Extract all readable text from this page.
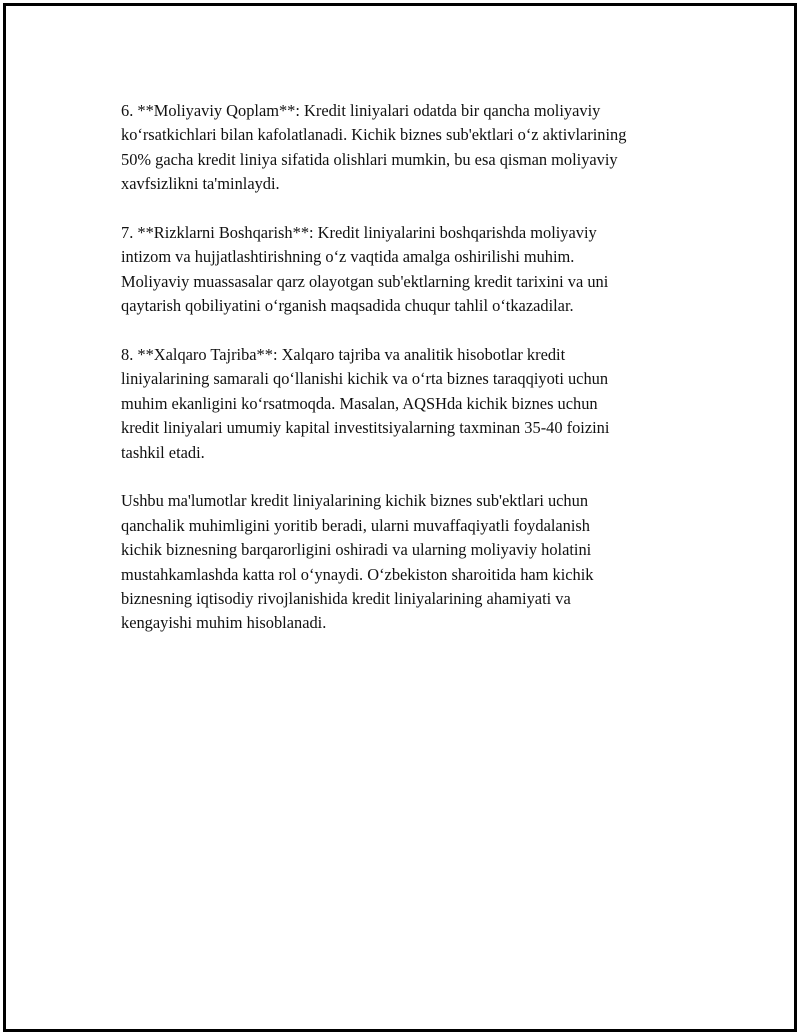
6. **Moliyaviy Qoplam**: Kredit liniyalari odatda bir qancha moliyaviy
ko‘rsatkichlari bilan kafolatlanadi. Kichik biznes sub'ektlari o‘z aktivlarining
50% gacha kredit liniya sifatida olishlari mumkin, bu esa qisman moliyaviy
xavfsizlikni ta'minlaydi.

7. **Rizklarni Boshqarish**: Kredit liniyalarini boshqarishda moliyaviy
intizom va hujjatlashtirishning o‘z vaqtida amalga oshirilishi muhim.
Moliyaviy muassasalar qarz olayotgan sub'ektlarning kredit tarixini va uni
qaytarish qobiliyatini o‘rganish maqsadida chuqur tahlil o‘tkazadilar.

8. **Xalqaro Tajriba**: Xalqaro tajriba va analitik hisobotlar kredit
liniyalarining samarali qo‘llanishi kichik va o‘rta biznes taraqqiyoti uchun
muhim ekanligini ko‘rsatmoqda. Masalan, AQSHda kichik biznes uchun
kredit liniyalari umumiy kapital investitsiyalarning taxminan 35-40 foizini
tashkil etadi.

Ushbu ma'lumotlar kredit liniyalarining kichik biznes sub'ektlari uchun
qanchalik muhimligini yoritib beradi, ularni muvaffaqiyatli foydalanish
kichik biznesning barqarorligini oshiradi va ularning moliyaviy holatini
mustahkamlashda katta rol o‘ynaydi. O‘zbekiston sharoitida ham kichik
biznesning iqtisodiy rivojlanishida kredit liniyalarining ahamiyati va
kengayishi muhim hisoblanadi.
